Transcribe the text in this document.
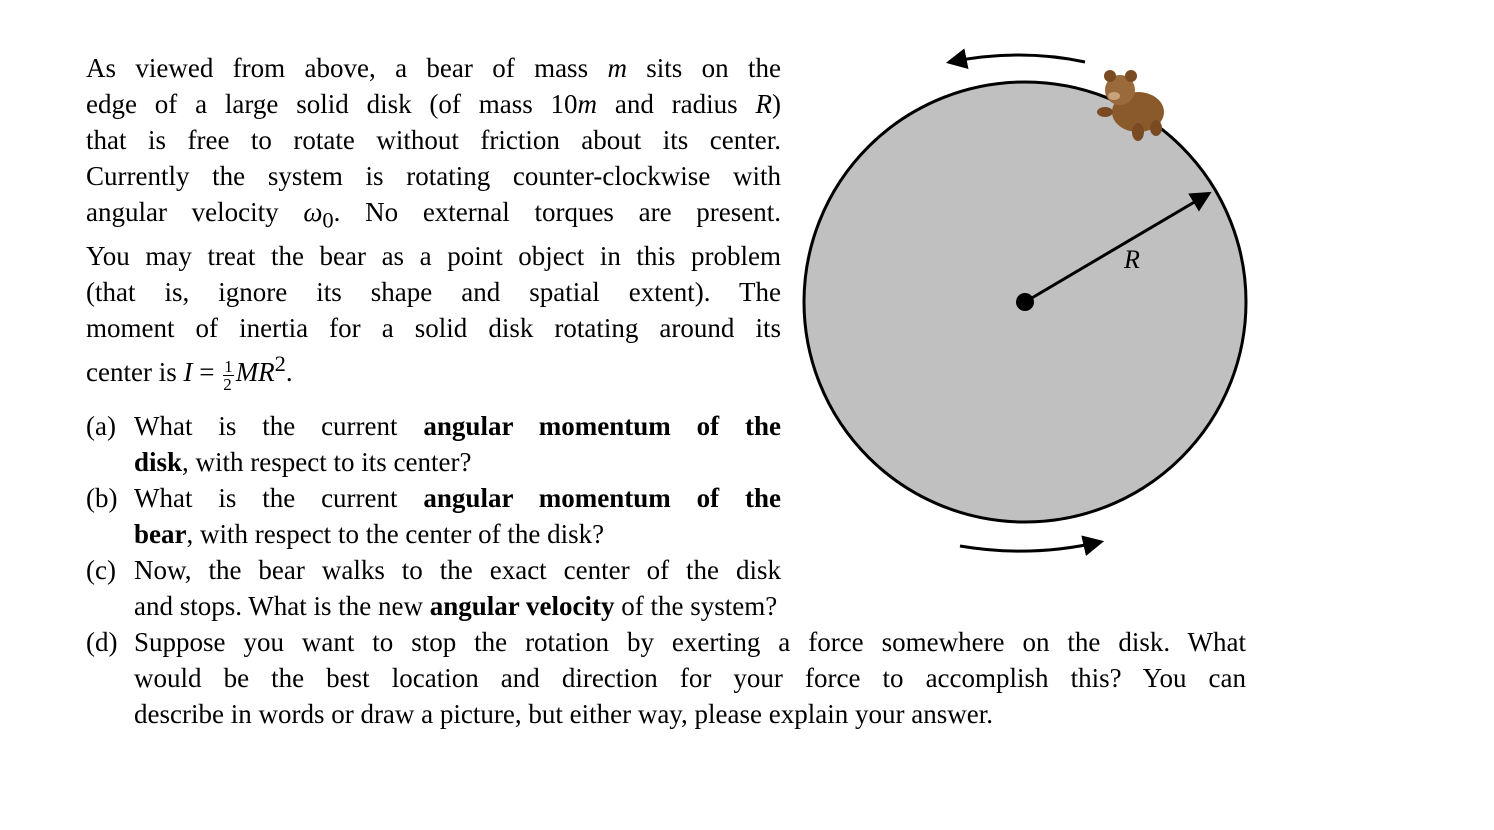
As viewed from above, a bear of mass m sits on the
edge of a large solid disk (of mass 10m and radius R)
that is free to rotate without friction about its center.
Currently the system is rotating counter-clockwise with
angular velocity $\omega_0$. No external torques are present.
You may treat the bear as a point object in this problem
(that is, ignore its shape and spatial extent). The
moment of inertia for a solid disk rotating around its
center is $I = \frac{1}{2} MR^2$.
(a) What is the current angular momentum of the
disk, with respect to its center?
(b) What is the current angular momentum of the
bear, with respect to the center of the disk?
(c) Now, the bear walks to the exact center of the disk
and stops. What is the new angular velocity of the system?
(d) Suppose you want to stop the rotation by exerting a force somewhere on the disk. What
would be the best location and direction for your force to accomplish this? You can
describe in words or draw a picture, but either way, please explain your answer.
R
